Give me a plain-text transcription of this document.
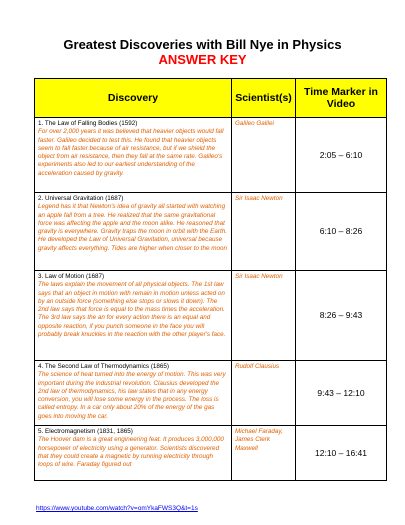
Greatest Discoveries with Bill Nye in Physics
ANSWER KEY
Discovery	Scientist(s)	Time Marker in Video

1. The Law of Falling Bodies (1592)
For over 2,000 years it was believed that heavier objects would fall faster. Galileo decided to test this. He found that heavier objects seem to fall faster because of air resistance, but if we shield the object from air resistance, then they fall at the same rate. Galileo's experiments also led to our earliest understanding of the acceleration caused by gravity.	Galileo Galilei	2:05 – 6:10

2. Universal Gravitation (1687)
Legend has it that Newton's idea of gravity all started with watching an apple fall from a tree. He realized that the same gravitational force was affecting the apple and the moon alike. He reasoned that gravity is everywhere. Gravity traps the moon in orbit with the Earth. He developed the Law of Universal Gravitation, universal because gravity affects everything. Tides are higher when closer to the moon	Sir Isaac Newton	6:10 – 8:26

3. Law of Motion (1687)
The laws explain the movement of all physical objects. The 1st law says that an object in motion with remain in motion unless acted on by an outside force (something else stops or slows it down). The 2nd law says that force is equal to the mass times the acceleration. The 3rd law says the an for every action there is an equal and opposite reaction, if you punch someone in the face you will probably break knuckles in the reaction with the other player's face.	Sir Isaac Newton	8:26 – 9:43

4. The Second Law of Thermodynamics (1865)
The science of heat turned into the energy of motion. This was very important during the industrial revolution. Clausius developed the 2nd law of thermodynamics, his law states that in any energy conversion, you will lose some energy in the process. The loss is called entropy. In a car only about 20% of the energy of the gas goes into moving the car.	Rudolf Clausius	9:43 – 12:10

5. Electromagnetism (1831, 1865)
The Hoover dam is a great engineering feat. It produces 3,000,000 horsepower of electricity using a generator. Scientists discovered that they could create a magnetic by running electricity through loops of wire. Faraday figured out	Michael Faraday, James Clerk Maxwell	12:10 – 16:41
https://www.youtube.com/watch?v=omYkaFWS3Q&t=1s
